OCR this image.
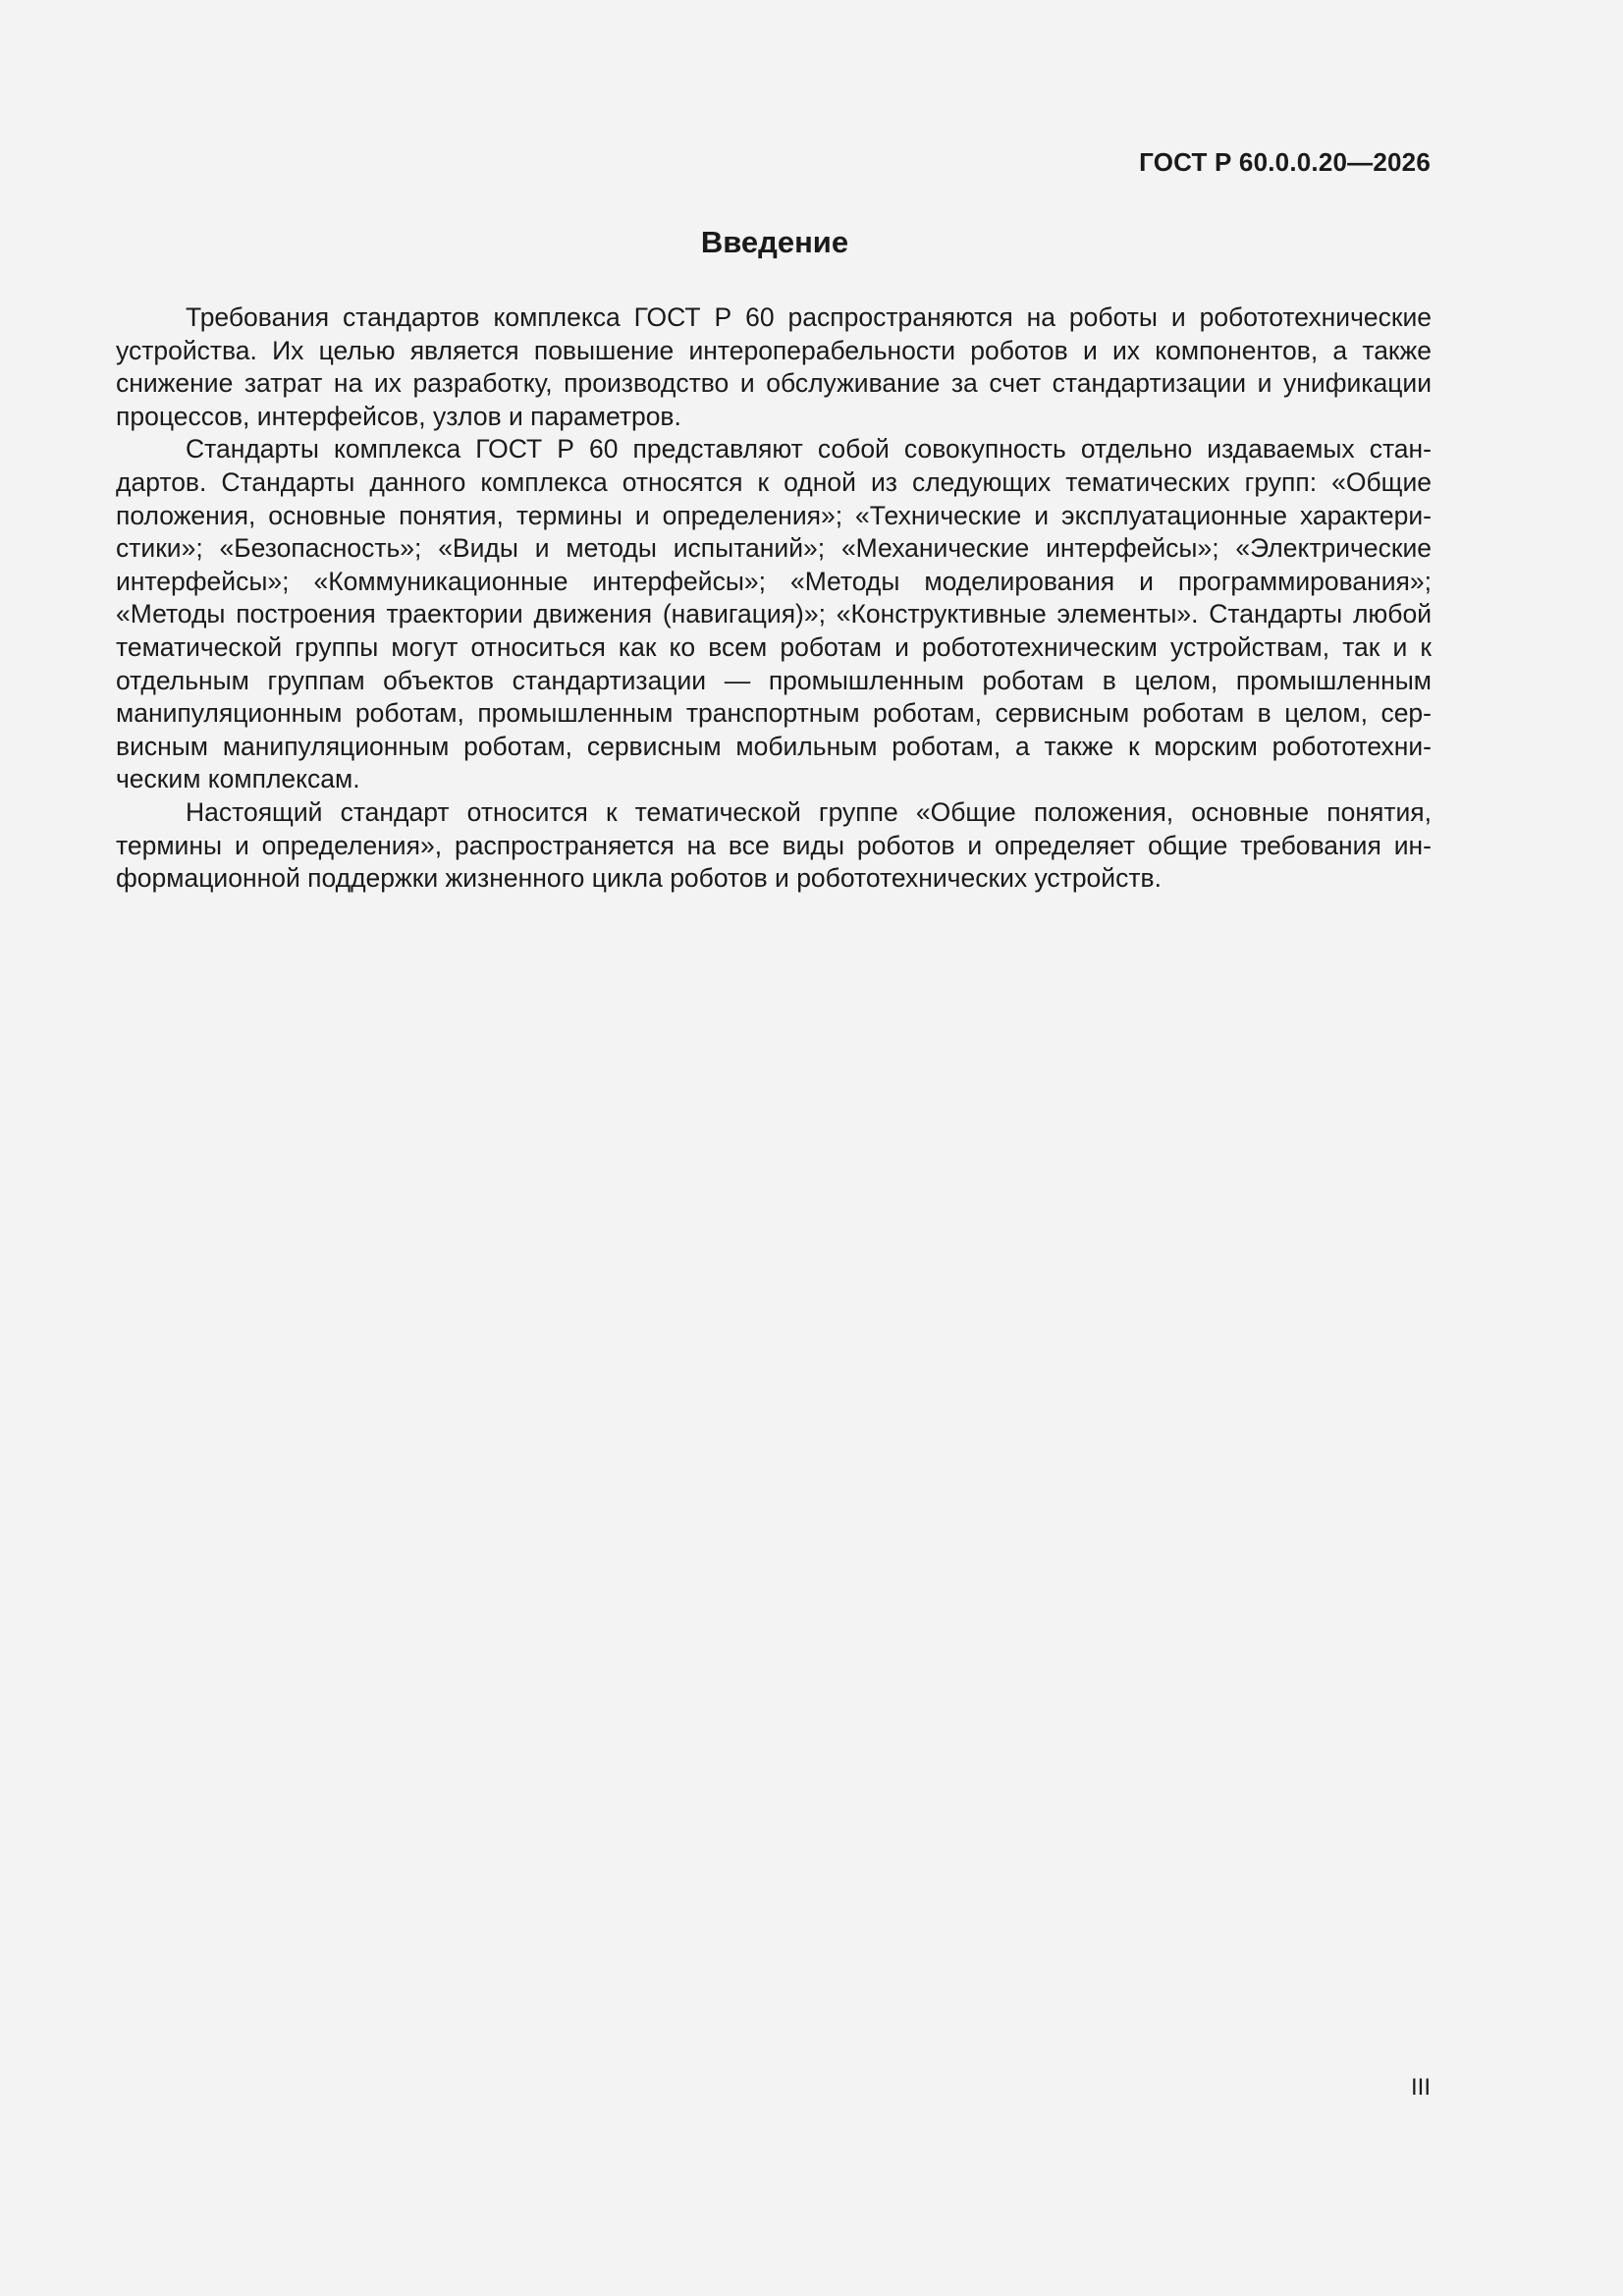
ГОСТ Р 60.0.0.20—2026
Введение

Требования стандартов комплекса ГОСТ Р 60 распространяются на роботы и робототехнические устройства. Их целью является повышение интероперабельности роботов и их компонентов, а также снижение затрат на их разработку, производство и обслуживание за счет стандартизации и унификации процессов, интерфейсов, узлов и параметров.

Стандарты комплекса ГОСТ Р 60 представляют собой совокупность отдельно издаваемых стандартов. Стандарты данного комплекса относятся к одной из следующих тематических групп: «Общие положения, основные понятия, термины и определения»; «Технические и эксплуатационные характеристики»; «Безопасность»; «Виды и методы испытаний»; «Механические интерфейсы»; «Электрические интерфейсы»; «Коммуникационные интерфейсы»; «Методы моделирования и программирования»; «Методы построения траектории движения (навигация)»; «Конструктивные элементы». Стандарты любой тематической группы могут относиться как ко всем роботам и робототехническим устройствам, так и к отдельным группам объектов стандартизации — промышленным роботам в целом, промышленным манипуляционным роботам, промышленным транспортным роботам, сервисным роботам в целом, сервисным манипуляционным роботам, сервисным мобильным роботам, а также к морским робототехническим комплексам.

Настоящий стандарт относится к тематической группе «Общие положения, основные понятия, термины и определения», распространяется на все виды роботов и определяет общие требования информационной поддержки жизненного цикла роботов и робототехнических устройств.

III
